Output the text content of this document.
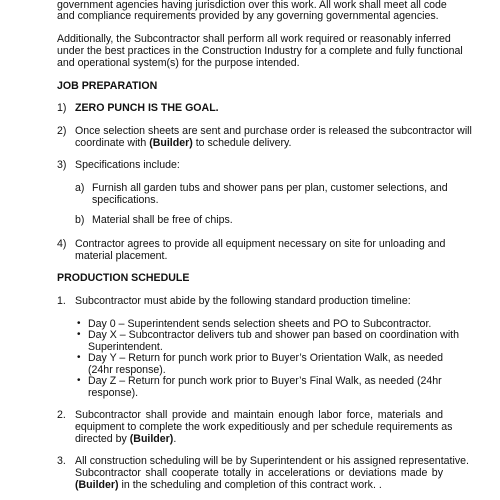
government agencies having jurisdiction over this work. All work shall meet all code
and compliance requirements provided by any governing governmental agencies.
Additionally, the Subcontractor shall perform all work required or reasonably inferred
under the best practices in the Construction Industry for a complete and fully functional
and operational system(s) for the purpose intended.
JOB PREPARATION
1) ZERO PUNCH IS THE GOAL.
2) Once selection sheets are sent and purchase order is released the subcontractor will
coordinate with (Builder) to schedule delivery.
3) Specifications include:
a) Furnish all garden tubs and shower pans per plan, customer selections, and
specifications.
b) Material shall be free of chips.
4) Contractor agrees to provide all equipment necessary on site for unloading and
material placement.
PRODUCTION SCHEDULE
1. Subcontractor must abide by the following standard production timeline:
• Day 0 – Superintendent sends selection sheets and PO to Subcontractor.
• Day X – Subcontractor delivers tub and shower pan based on coordination with
Superintendent.
• Day Y – Return for punch work prior to Buyer’s Orientation Walk, as needed
(24hr response).
• Day Z – Return for punch work prior to Buyer’s Final Walk, as needed (24hr
response).
2. Subcontractor shall provide and maintain enough labor force, materials and
equipment to complete the work expeditiously and per schedule requirements as
directed by (Builder).
3. All construction scheduling will be by Superintendent or his assigned representative.
Subcontractor shall cooperate totally in accelerations or deviations made by
(Builder) in the scheduling and completion of this contract work. .
